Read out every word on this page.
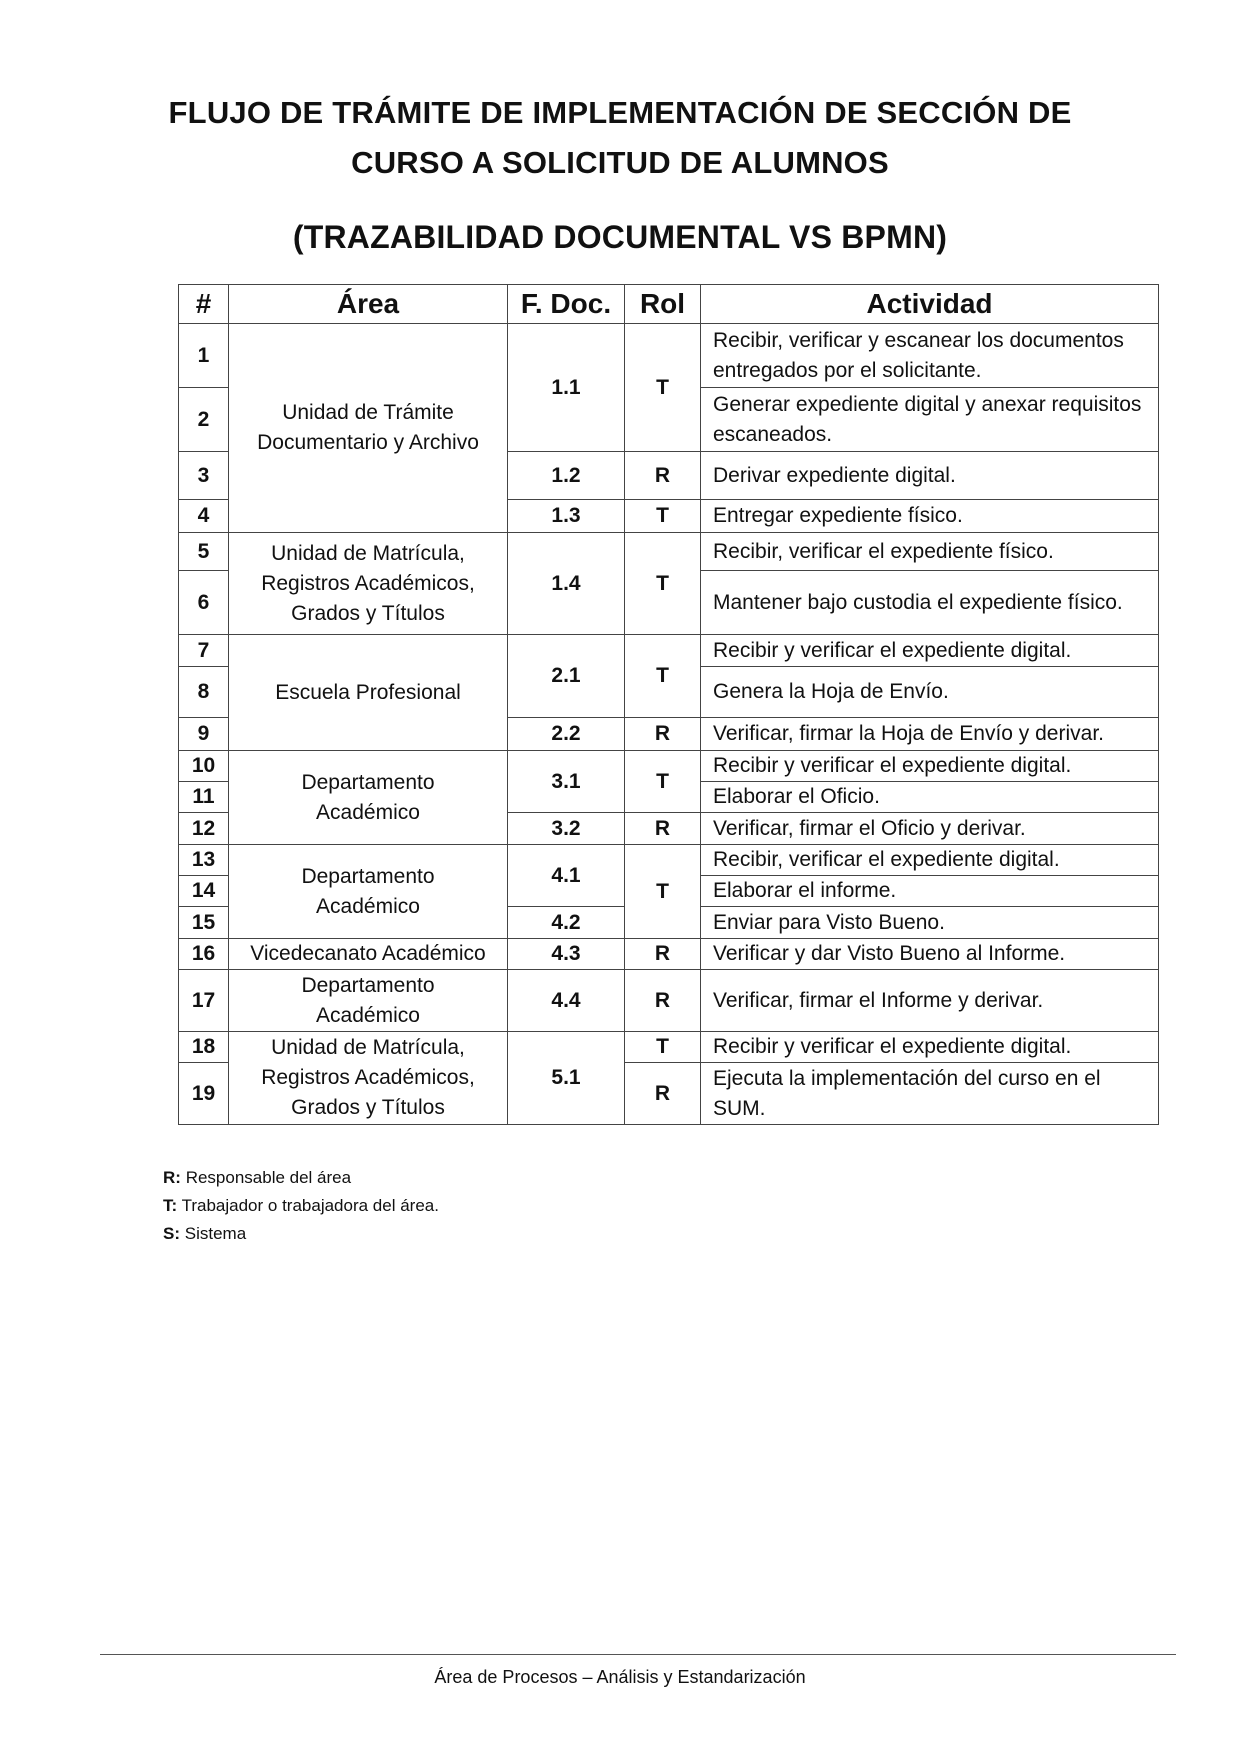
FLUJO DE TRÁMITE DE IMPLEMENTACIÓN DE SECCIÓN DE
CURSO A SOLICITUD DE ALUMNOS
(TRAZABILIDAD DOCUMENTAL VS BPMN)
#	Área	F. Doc.	Rol	Actividad
1	Unidad de Trámite Documentario y Archivo	1.1	T	Recibir, verificar y escanear los documentos entregados por el solicitante.
2				Generar expediente digital y anexar requisitos escaneados.
3		1.2	R	Derivar expediente digital.
4		1.3	T	Entregar expediente físico.
5	Unidad de Matrícula, Registros Académicos, Grados y Títulos	1.4	T	Recibir, verificar el expediente físico.
6				Mantener bajo custodia el expediente físico.
7	Escuela Profesional	2.1	T	Recibir y verificar el expediente digital.
8				Genera la Hoja de Envío.
9		2.2	R	Verificar, firmar la Hoja de Envío y derivar.
10	Departamento Académico	3.1	T	Recibir y verificar el expediente digital.
11				Elaborar el Oficio.
12		3.2	R	Verificar, firmar el Oficio y derivar.
13	Departamento Académico	4.1	T	Recibir, verificar el expediente digital.
14				Elaborar el informe.
15		4.2		Enviar para Visto Bueno.
16	Vicedecanato Académico	4.3	R	Verificar y dar Visto Bueno al Informe.
17	Departamento Académico	4.4	R	Verificar, firmar el Informe y derivar.
18	Unidad de Matrícula, Registros Académicos, Grados y Títulos	5.1	T	Recibir y verificar el expediente digital.
19			R	Ejecuta la implementación del curso en el SUM.
R: Responsable del área
T: Trabajador o trabajadora del área.
S: Sistema
Área de Procesos – Análisis y Estandarización
